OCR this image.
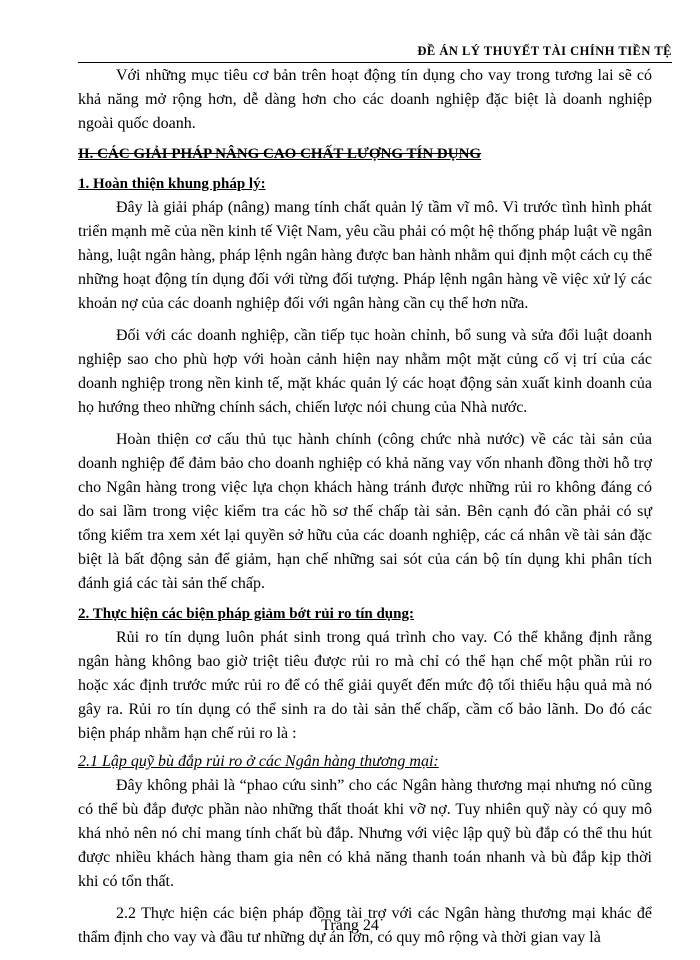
ĐỀ ÁN LÝ THUYẾT TÀI CHÍNH TIỀN TỆ

Với những mục tiêu cơ bản trên hoạt động tín dụng cho vay trong tương lai sẽ có khả năng mở rộng hơn, dễ dàng hơn cho các doanh nghiệp đặc biệt là doanh nghiệp ngoài quốc doanh.

II. CÁC GIẢI PHÁP NÂNG CAO CHẤT LƯỢNG TÍN DỤNG

1. Hoàn thiện khung pháp lý:

Đây là giải pháp (nâng) mang tính chất quản lý tầm vĩ mô. Vì trước tình hình phát triển mạnh mẽ của nền kinh tế Việt Nam, yêu cầu phải có một hệ thống pháp luật về ngân hàng, luật ngân hàng, pháp lệnh ngân hàng được ban hành nhằm qui định một cách cụ thể những hoạt động tín dụng đối với từng đối tượng. Pháp lệnh ngân hàng về việc xử lý các khoản nợ của các doanh nghiệp đối với ngân hàng cần cụ thể hơn nữa.

Đối với các doanh nghiệp, cần tiếp tục hoàn chỉnh, bổ sung và sửa đổi luật doanh nghiệp sao cho phù hợp với hoàn cảnh hiện nay nhằm một mặt củng cố vị trí của các doanh nghiệp trong nền kinh tế, mặt khác quản lý các hoạt động sản xuất kinh doanh của họ hướng theo những chính sách, chiến lược nói chung của Nhà nước.

Hoàn thiện cơ cấu thủ tục hành chính (công chức nhà nước) về các tài sản của doanh nghiệp để đảm bảo cho doanh nghiệp có khả năng vay vốn nhanh đồng thời hỗ trợ cho Ngân hàng trong việc lựa chọn khách hàng tránh được những rủi ro không đáng có do sai lầm trong việc kiểm tra các hồ sơ thế chấp tài sản. Bên cạnh đó cần phải có sự tổng kiểm tra xem xét lại quyền sở hữu của các doanh nghiệp, các cá nhân về tài sản đặc biệt là bất động sản để giảm, hạn chế những sai sót của cán bộ tín dụng khi phân tích đánh giá các tài sản thế chấp.

2. Thực hiện các biện pháp giảm bớt rủi ro tín dụng:

Rủi ro tín dụng luôn phát sinh trong quá trình cho vay. Có thể khẳng định rằng ngân hàng không bao giờ triệt tiêu được rủi ro mà chỉ có thể hạn chế một phần rủi ro hoặc xác định trước mức rủi ro để có thể giải quyết đến mức độ tối thiểu hậu quả mà nó gây ra. Rủi ro tín dụng có thể sinh ra do tài sản thế chấp, cầm cố bảo lãnh. Do đó các biện pháp nhằm hạn chế rủi ro là :

2.1 Lập quỹ bù đắp rủi ro ở các Ngân hàng thương mại:

Đây không phải là “phao cứu sinh” cho các Ngân hàng thương mại nhưng nó cũng có thể bù đắp được phần nào những thất thoát khi vỡ nợ. Tuy nhiên quỹ này có quy mô khá nhỏ nên nó chỉ mang tính chất bù đắp. Nhưng với việc lập quỹ bù đắp có thể thu hút được nhiều khách hàng tham gia nên có khả năng thanh toán nhanh và bù đắp kịp thời khi có tổn thất.

2.2 Thực hiện các biện pháp đồng tài trợ với các Ngân hàng thương mại khác để thẩm định cho vay và đầu tư những dự án lớn, có quy mô rộng và thời gian vay là

Trang 24
